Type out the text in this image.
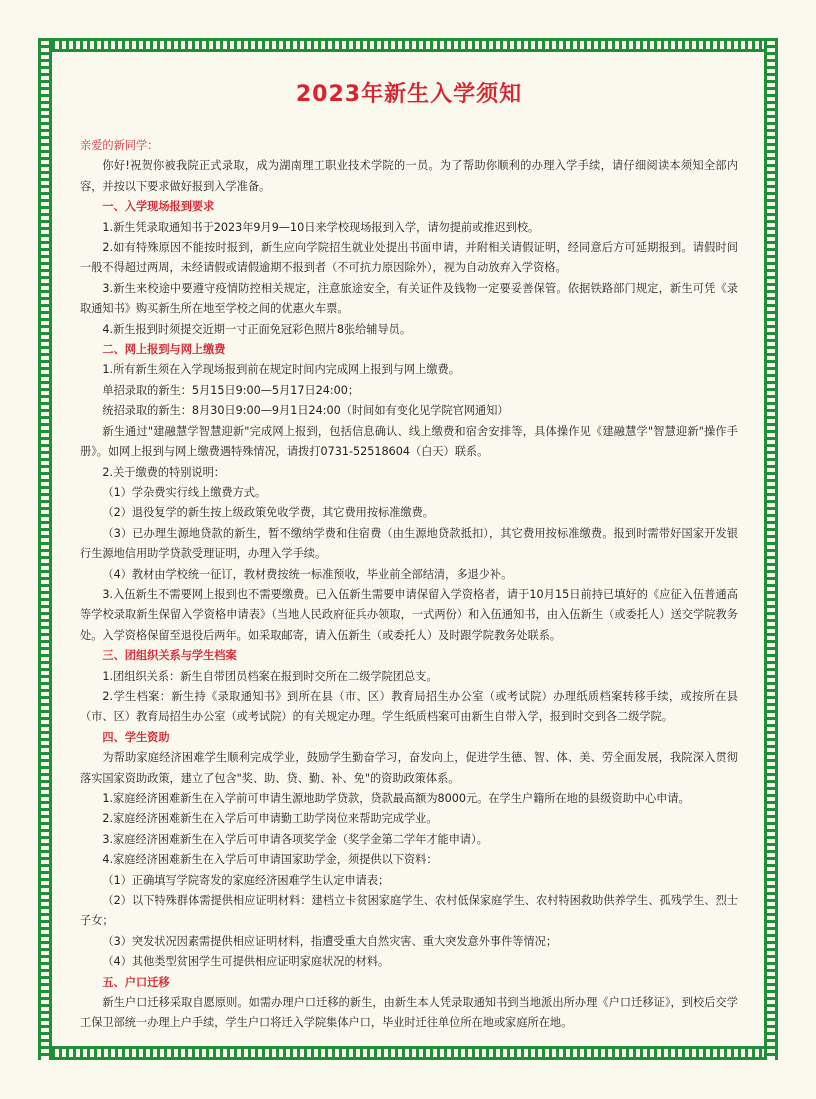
2023年新生入学须知
亲爱的新同学：
你好!祝贺你被我院正式录取，成为湖南理工职业技术学院的一员。为了帮助你顺利的办理入学手续，请仔细阅读本须知全部内容，并按以下要求做好报到入学准备。
一、入学现场报到要求
1.新生凭录取通知书于2023年9月9—10日来学校现场报到入学，请勿提前或推迟到校。
2.如有特殊原因不能按时报到，新生应向学院招生就业处提出书面申请，并附相关请假证明，经同意后方可延期报到。请假时间一般不得超过两周，未经请假或请假逾期不报到者（不可抗力原因除外），视为自动放弃入学资格。
3.新生来校途中要遵守疫情防控相关规定，注意旅途安全，有关证件及钱物一定要妥善保管。依据铁路部门规定，新生可凭《录取通知书》购买新生所在地至学校之间的优惠火车票。
4.新生报到时须提交近期一寸正面免冠彩色照片8张给辅导员。
二、网上报到与网上缴费
1.所有新生须在入学现场报到前在规定时间内完成网上报到与网上缴费。
单招录取的新生：5月15日9:00—5月17日24:00；
统招录取的新生：8月30日9:00—9月1日24:00（时间如有变化见学院官网通知）
新生通过"建融慧学智慧迎新"完成网上报到，包括信息确认、线上缴费和宿舍安排等，具体操作见《建融慧学"智慧迎新"操作手册》。如网上报到与网上缴费遇特殊情况，请拨打0731-52518604（白天）联系。
2.关于缴费的特别说明：
（1）学杂费实行线上缴费方式。
（2）退役复学的新生按上级政策免收学费，其它费用按标准缴费。
（3）已办理生源地贷款的新生，暂不缴纳学费和住宿费（由生源地贷款抵扣），其它费用按标准缴费。报到时需带好国家开发银行生源地信用助学贷款受理证明，办理入学手续。
（4）教材由学校统一征订，教材费按统一标准预收，毕业前全部结清，多退少补。
3.入伍新生不需要网上报到也不需要缴费。已入伍新生需要申请保留入学资格者，请于10月15日前持已填好的《应征入伍普通高等学校录取新生保留入学资格申请表》（当地人民政府征兵办领取，一式两份）和入伍通知书，由入伍新生（或委托人）送交学院教务处。入学资格保留至退役后两年。如采取邮寄，请入伍新生（或委托人）及时跟学院教务处联系。
三、团组织关系与学生档案
1.团组织关系：新生自带团员档案在报到时交所在二级学院团总支。
2.学生档案：新生持《录取通知书》到所在县（市、区）教育局招生办公室（或考试院）办理纸质档案转移手续，或按所在县（市、区）教育局招生办公室（或考试院）的有关规定办理。学生纸质档案可由新生自带入学，报到时交到各二级学院。
四、学生资助
为帮助家庭经济困难学生顺利完成学业，鼓励学生勤奋学习，奋发向上，促进学生德、智、体、美、劳全面发展，我院深入贯彻落实国家资助政策，建立了包含"奖、助、贷、勤、补、免"的资助政策体系。
1.家庭经济困难新生在入学前可申请生源地助学贷款，贷款最高额为8000元。在学生户籍所在地的县级资助中心申请。
2.家庭经济困难新生在入学后可申请勤工助学岗位来帮助完成学业。
3.家庭经济困难新生在入学后可申请各项奖学金（奖学金第二学年才能申请）。
4.家庭经济困难新生在入学后可申请国家助学金，须提供以下资料：
（1）正确填写学院寄发的家庭经济困难学生认定申请表；
（2）以下特殊群体需提供相应证明材料：建档立卡贫困家庭学生、农村低保家庭学生、农村特困救助供养学生、孤残学生、烈士子女；
（3）突发状况因素需提供相应证明材料，指遭受重大自然灾害、重大突发意外事件等情况；
（4）其他类型贫困学生可提供相应证明家庭状况的材料。
五、户口迁移
新生户口迁移采取自愿原则。如需办理户口迁移的新生，由新生本人凭录取通知书到当地派出所办理《户口迁移证》，到校后交学工保卫部统一办理上户手续，学生户口将迁入学院集体户口，毕业时迁往单位所在地或家庭所在地。
